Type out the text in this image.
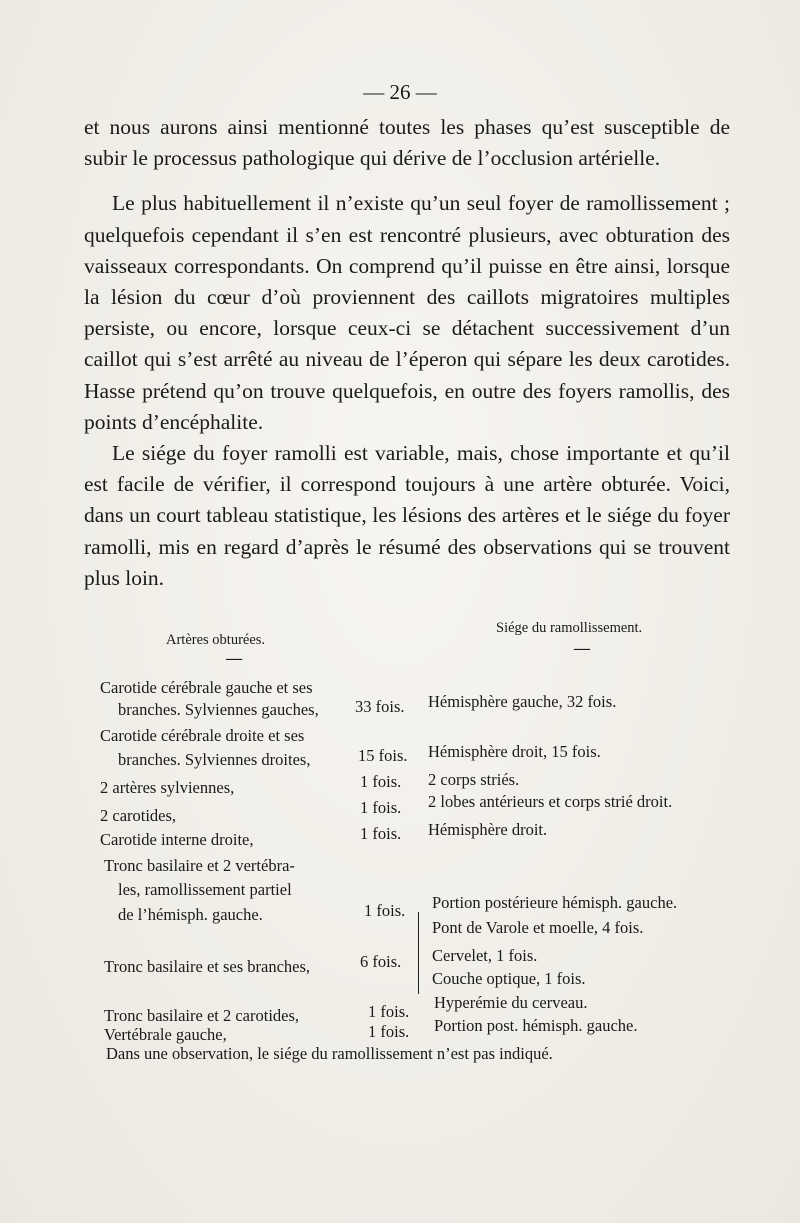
— 26 —

et nous aurons ainsi mentionné toutes les phases qu’est susceptible de subir le processus pathologique qui dérive de l’occlusion artérielle.

Le plus habituellement il n’existe qu’un seul foyer de ramollissement ; quelquefois cependant il s’en est rencontré plusieurs, avec obturation des vaisseaux correspondants. On comprend qu’il puisse en être ainsi, lorsque la lésion du cœur d’où proviennent des caillots migratoires multiples persiste, ou encore, lorsque ceux-ci se détachent successivement d’un caillot qui s’est arrêté au niveau de l’éperon qui sépare les deux carotides. Hasse prétend qu’on trouve quelquefois, en outre des foyers ramollis, des points d’encéphalite.

Le siége du foyer ramolli est variable, mais, chose importante et qu’il est facile de vérifier, il correspond toujours à une artère obturée. Voici, dans un court tableau statistique, les lésions des artères et le siége du foyer ramolli, mis en regard d’après le résumé des observations qui se trouvent plus loin.

Artères obturées.
Siége du ramollissement.
—
—
Carotide cérébrale gauche et ses
branches. Sylviennes gauches, 33 fois. Hémisphère gauche, 32 fois.
Carotide cérébrale droite et ses
branches. Sylviennes droites,	15 fois. Hémisphère droit, 15 fois.
2 artères sylviennes,	1 fois. 2 corps striés.
2 carotides,	1 fois. 2 lobes antérieurs et corps strié droit.
Carotide interne droite,	1 fois. Hémisphère droit.
Tronc basilaire et 2 vertébra-
les, ramollissement partiel
de l’hémisph. gauche.	1 fois. Portion postérieure hémisph. gauche.
Pont de Varole et moelle, 4 fois.
Tronc basilaire et ses branches,	6 fois. Cervelet, 1 fois.
Couche optique, 1 fois.
Tronc basilaire et 2 carotides,	1 fois. Hyperémie du cerveau.
Vertébrale gauche,	1 fois. Portion post. hémisph. gauche.
Dans une observation, le siége du ramollissement n’est pas indiqué.
